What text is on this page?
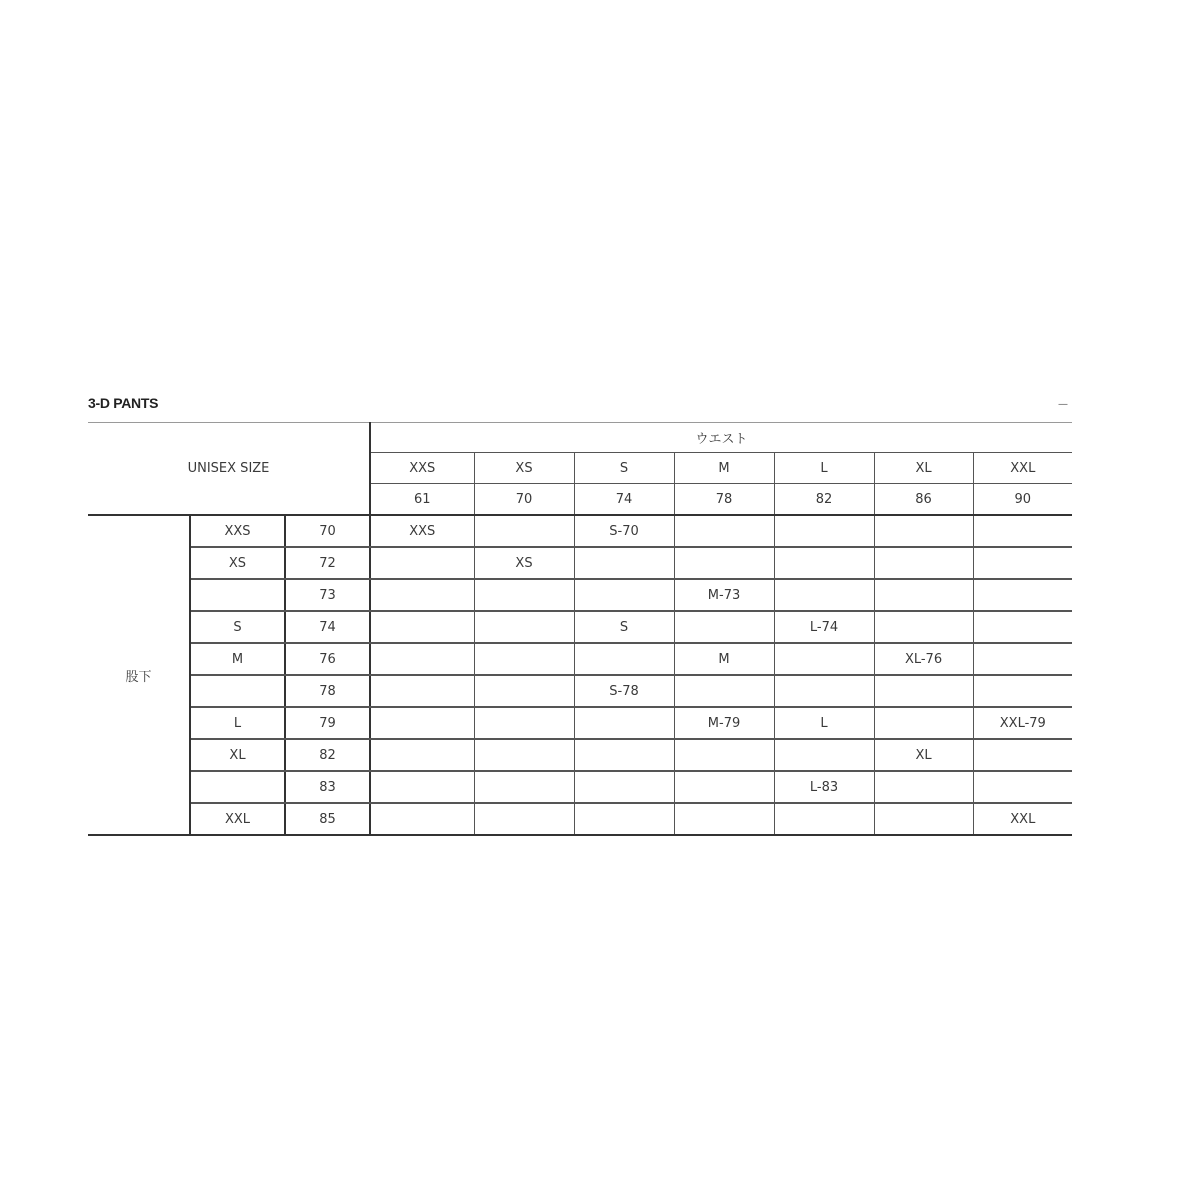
3-D PANTS	—
UNISEX SIZE			ウエスト						
			XXS	XS	S	M	L	XL	XXL
			61	70	74	78	82	86	90
股下	XXS	70	XXS		S-70				
	XS	72		XS					
		73				M-73			
	S	74			S		L-74		
	M	76				M		XL-76	
		78			S-78				
	L	79				M-79	L		XXL-79
	XL	82						XL	
		83					L-83		
	XXL	85							XXL
